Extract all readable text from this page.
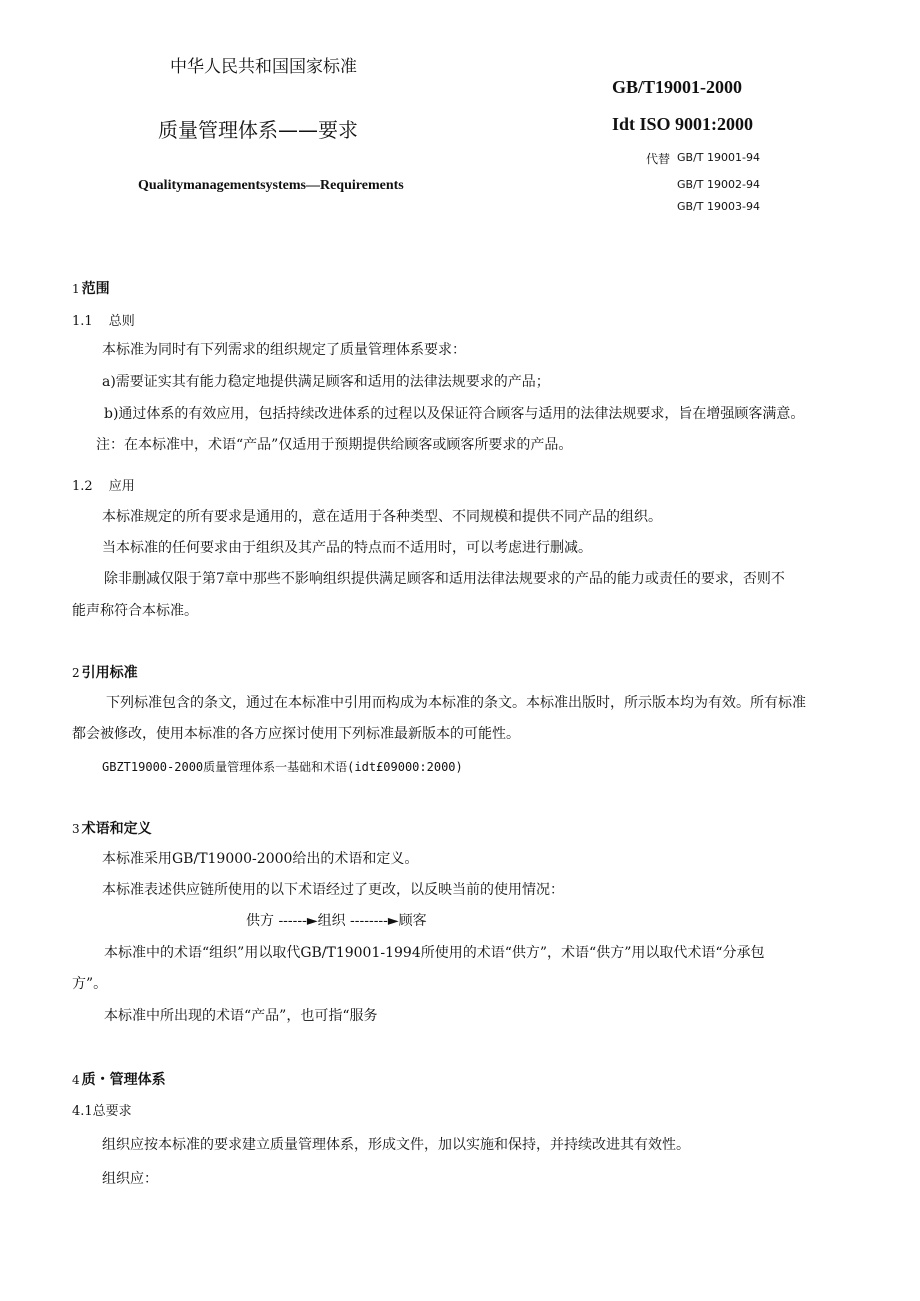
中华人民共和国国家标准
质量管理体系——要求
Qualitymanagementsystems—Requirements
GB/T19001-2000
Idt ISO 9001:2000
代替 GB/T 19001-94
GB/T 19002-94
GB/T 19003-94
1 范围
1.1 总则
本标准为同时有下列需求的组织规定了质量管理体系要求：
a)需要证实其有能力稳定地提供满足顾客和适用的法律法规要求的产品；
b)通过体系的有效应用，包括持续改进体系的过程以及保证符合顾客与适用的法律法规要求，旨在增强顾客满意。
注：在本标准中，术语“产品”仅适用于预期提供给顾客或顾客所要求的产品。
1.2 应用
本标准规定的所有要求是通用的，意在适用于各种类型、不同规模和提供不同产品的组织。
当本标准的任何要求由于组织及其产品的特点而不适用时，可以考虑进行删减。
除非删减仅限于第7章中那些不影响组织提供满足顾客和适用法律法规要求的产品的能力或责任的要求，否则不
能声称符合本标准。
2 引用标准
下列标准包含的条文，通过在本标准中引用而构成为本标准的条文。本标准出版时，所示版本均为有效。所有标准
都会被修改，使用本标准的各方应探讨使用下列标准最新版本的可能性。
GBZT19000-2000质量管理体系一基础和术语(idt£09000:2000)
3 术语和定义
本标准采用GB/T19000-2000给出的术语和定义。
本标准表述供应链所使用的以下术语经过了更改，以反映当前的使用情况：
供方 ------►组织 --------►顾客
本标准中的术语“组织”用以取代GB/T19001-1994所使用的术语“供方”，术语“供方”用以取代术语“分承包
方”。
本标准中所出现的术语“产品”，也可指“服务
4 质・管理体系
4.1总要求
组织应按本标准的要求建立质量管理体系，形成文件，加以实施和保持，并持续改进其有效性。
组织应：
